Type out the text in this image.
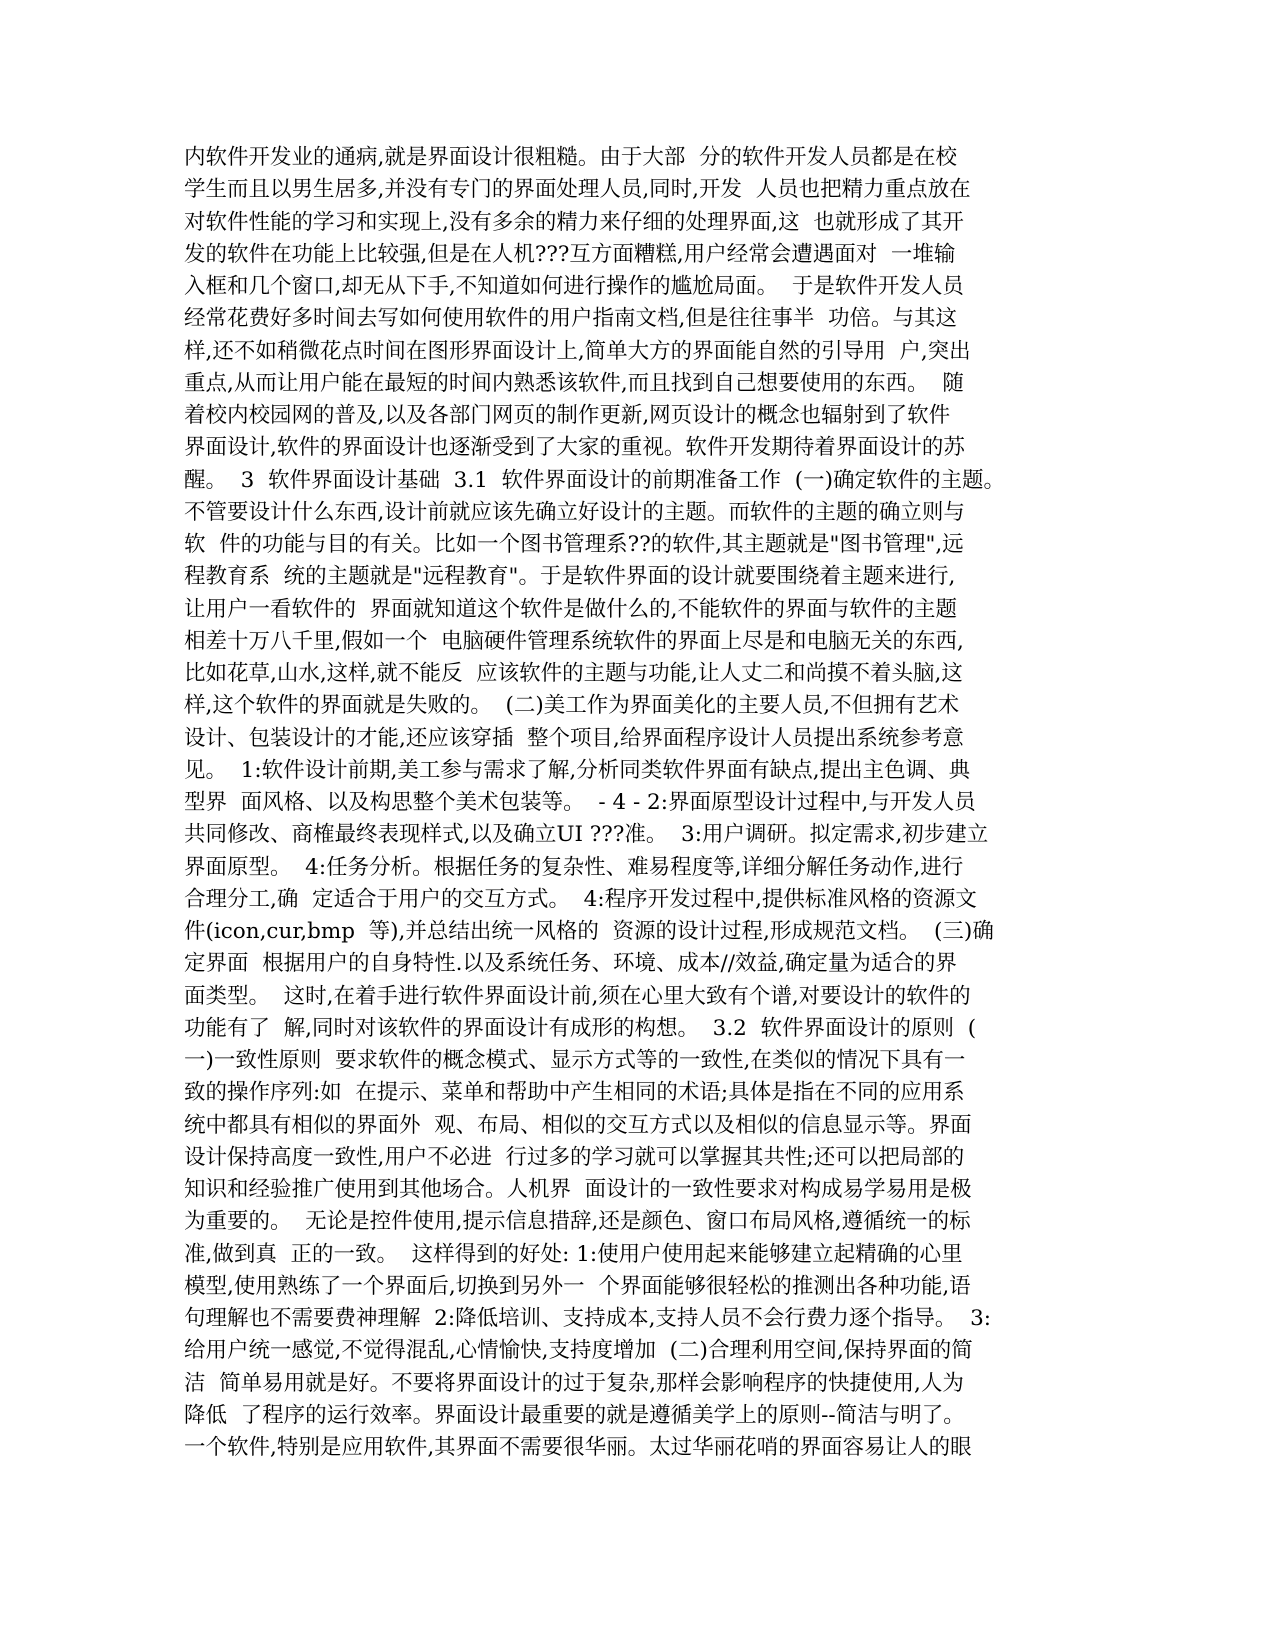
内软件开发业的通病,就是界面设计很粗糙。由于大部  分的软件开发人员都是在校
学生而且以男生居多,并没有专门的界面处理人员,同时,开发  人员也把精力重点放在
对软件性能的学习和实现上,没有多余的精力来仔细的处理界面,这  也就形成了其开
发的软件在功能上比较强,但是在人机???互方面糟糕,用户经常会遭遇面对  一堆输
入框和几个窗口,却无从下手,不知道如何进行操作的尴尬局面。  于是软件开发人员
经常花费好多时间去写如何使用软件的用户指南文档,但是往往事半  功倍。与其这
样,还不如稍微花点时间在图形界面设计上,简单大方的界面能自然的引导用  户,突出
重点,从而让用户能在最短的时间内熟悉该软件,而且找到自己想要使用的东西。  随
着校内校园网的普及,以及各部门网页的制作更新,网页设计的概念也辐射到了软件
界面设计,软件的界面设计也逐渐受到了大家的重视。软件开发期待着界面设计的苏
醒。  3  软件界面设计基础  3.1  软件界面设计的前期准备工作  (一)确定软件的主题。
不管要设计什么东西,设计前就应该先确立好设计的主题。而软件的主题的确立则与
软  件的功能与目的有关。比如一个图书管理系??的软件,其主题就是"图书管理",远
程教育系  统的主题就是"远程教育"。于是软件界面的设计就要围绕着主题来进行,
让用户一看软件的  界面就知道这个软件是做什么的,不能软件的界面与软件的主题
相差十万八千里,假如一个  电脑硬件管理系统软件的界面上尽是和电脑无关的东西,
比如花草,山水,这样,就不能反  应该软件的主题与功能,让人丈二和尚摸不着头脑,这
样,这个软件的界面就是失败的。  (二)美工作为界面美化的主要人员,不但拥有艺术
设计、包装设计的才能,还应该穿插  整个项目,给界面程序设计人员提出系统参考意
见。  1:软件设计前期,美工参与需求了解,分析同类软件界面有缺点,提出主色调、典
型界  面风格、以及构思整个美术包装等。  - 4 - 2:界面原型设计过程中,与开发人员
共同修改、商榷最终表现样式,以及确立UI ???准。  3:用户调研。拟定需求,初步建立
界面原型。  4:任务分析。根据任务的复杂性、难易程度等,详细分解任务动作,进行
合理分工,确  定适合于用户的交互方式。  4:程序开发过程中,提供标准风格的资源文
件(icon,cur,bmp  等),并总结出统一风格的  资源的设计过程,形成规范文档。  (三)确
定界面  根据用户的自身特性.以及系统任务、环境、成本//效益,确定量为适合的界
面类型。  这时,在着手进行软件界面设计前,须在心里大致有个谱,对要设计的软件的
功能有了  解,同时对该软件的界面设计有成形的构想。  3.2  软件界面设计的原则  (
一)一致性原则  要求软件的概念模式、显示方式等的一致性,在类似的情况下具有一
致的操作序列:如  在提示、菜单和帮助中产生相同的术语;具体是指在不同的应用系
统中都具有相似的界面外  观、布局、相似的交互方式以及相似的信息显示等。界面
设计保持高度一致性,用户不必进  行过多的学习就可以掌握其共性;还可以把局部的
知识和经验推广使用到其他场合。人机界  面设计的一致性要求对构成易学易用是极
为重要的。  无论是控件使用,提示信息措辞,还是颜色、窗口布局风格,遵循统一的标
准,做到真  正的一致。  这样得到的好处: 1:使用户使用起来能够建立起精确的心里
模型,使用熟练了一个界面后,切换到另外一  个界面能够很轻松的推测出各种功能,语
句理解也不需要费神理解  2:降低培训、支持成本,支持人员不会行费力逐个指导。  3:
给用户统一感觉,不觉得混乱,心情愉快,支持度增加  (二)合理利用空间,保持界面的简
洁  简单易用就是好。不要将界面设计的过于复杂,那样会影响程序的快捷使用,人为
降低  了程序的运行效率。界面设计最重要的就是遵循美学上的原则--简洁与明了。
一个软件,特别是应用软件,其界面不需要很华丽。太过华丽花哨的界面容易让人的眼
